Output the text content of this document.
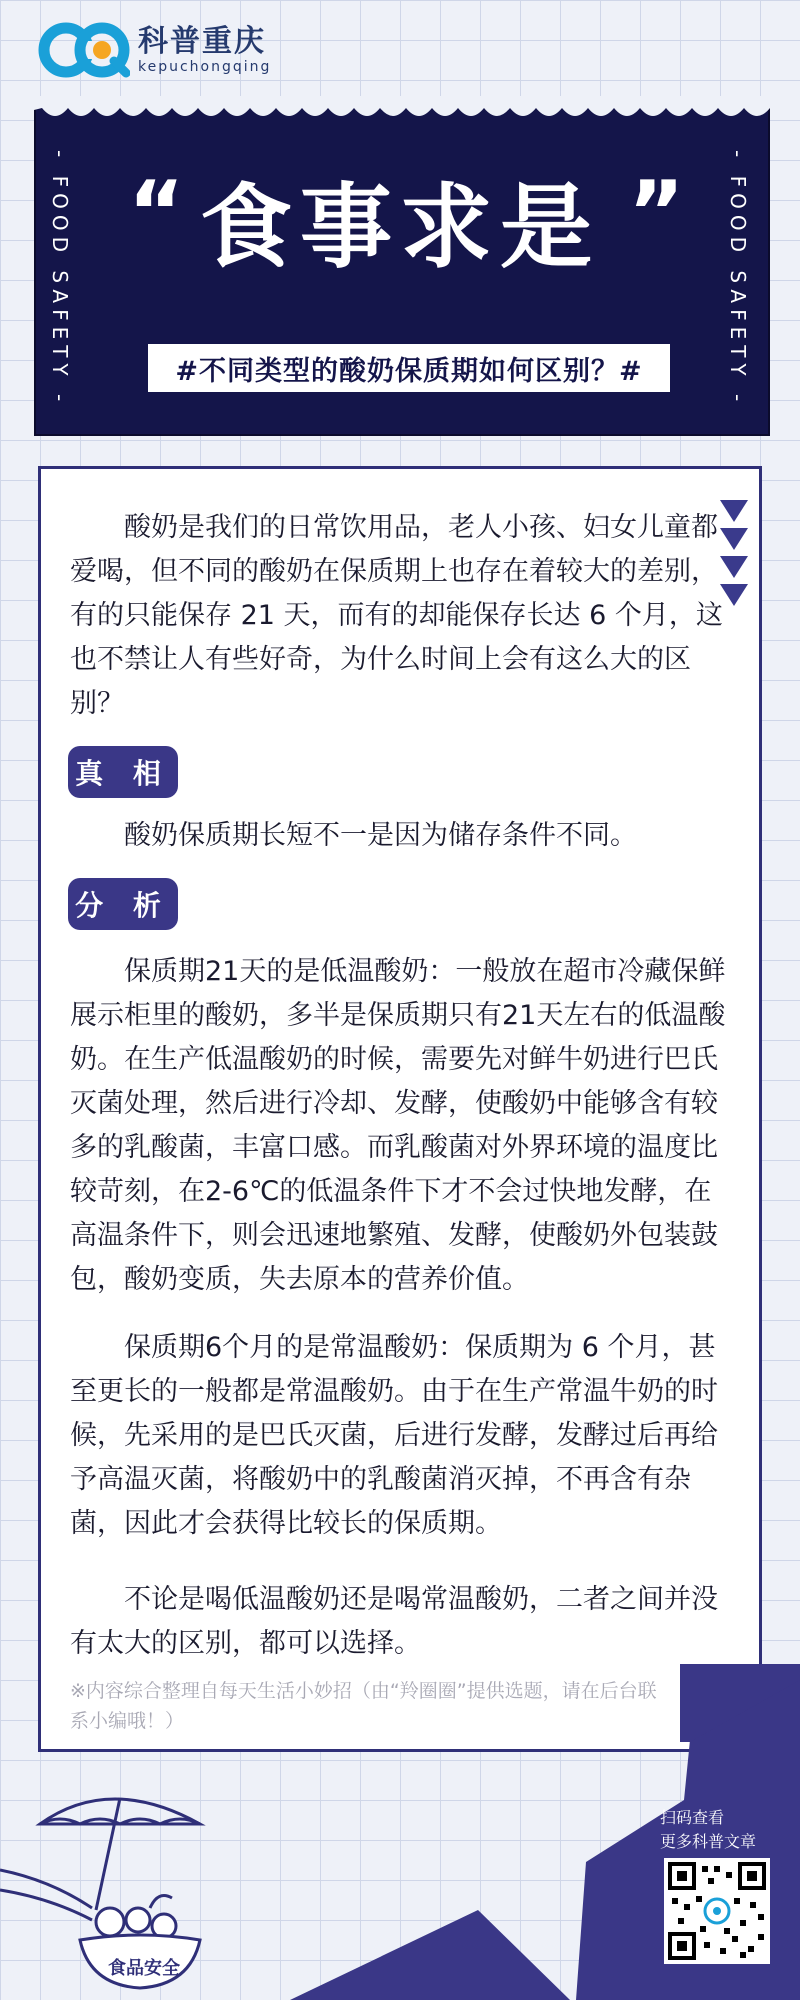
科普重庆
kepuchongqing
- FOOD SAFETY -	- FOOD SAFETY -
“	”
食事求是
#不同类型的酸奶保质期如何区别？#

酸奶是我们的日常饮用品，老人小孩、妇女儿童都爱喝，但不同的酸奶在保质期上也存在着较大的差别，有的只能保存 21 天，而有的却能保存长达 6 个月，这也不禁让人有些好奇，为什么时间上会有这么大的区别？

真 相

酸奶保质期长短不一是因为储存条件不同。

分 析

保质期21天的是低温酸奶：一般放在超市冷藏保鲜展示柜里的酸奶，多半是保质期只有21天左右的低温酸奶。在生产低温酸奶的时候，需要先对鲜牛奶进行巴氏灭菌处理，然后进行冷却、发酵，使酸奶中能够含有较多的乳酸菌，丰富口感。而乳酸菌对外界环境的温度比较苛刻，在2-6℃的低温条件下才不会过快地发酵，在高温条件下，则会迅速地繁殖、发酵，使酸奶外包装鼓包，酸奶变质，失去原本的营养价值。

保质期6个月的是常温酸奶：保质期为 6 个月，甚至更长的一般都是常温酸奶。由于在生产常温牛奶的时候，先采用的是巴氏灭菌，后进行发酵，发酵过后再给予高温灭菌，将酸奶中的乳酸菌消灭掉，不再含有杂菌，因此才会获得比较长的保质期。

不论是喝低温酸奶还是喝常温酸奶，二者之间并没有太大的区别，都可以选择。

※内容综合整理自每天生活小妙招（由“羚圈圈”提供选题，请在后台联系小编哦！）

扫码查看
更多科普文章
食品安全
